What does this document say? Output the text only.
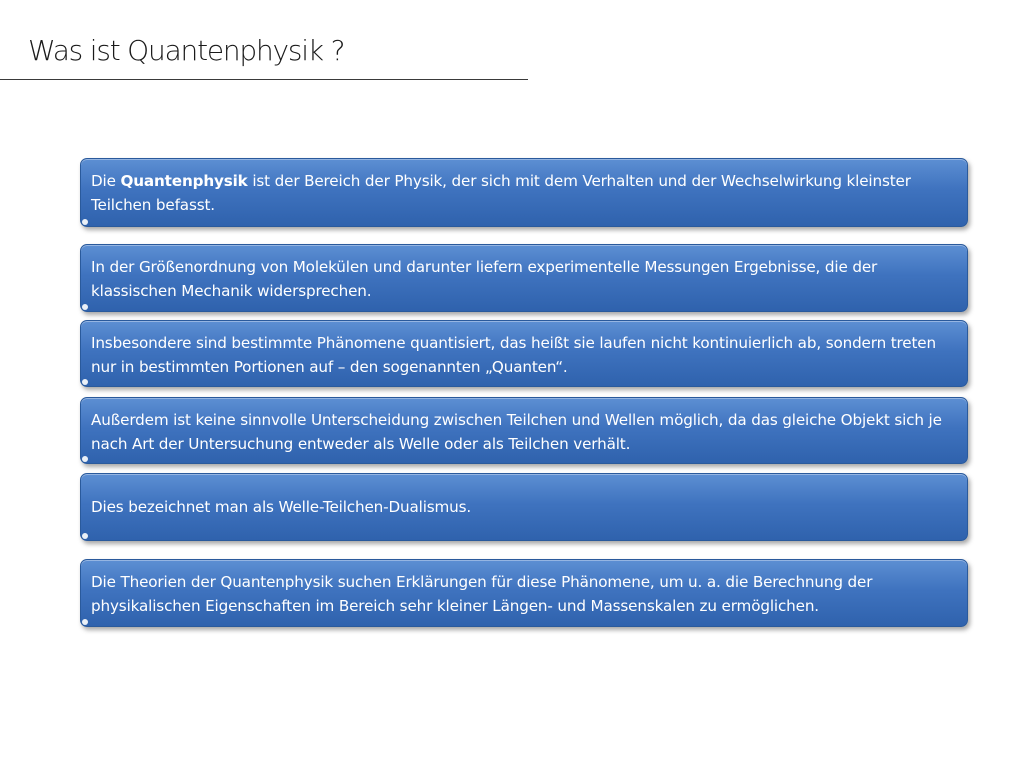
Was ist Quantenphysik ?
Die Quantenphysik ist der Bereich der Physik, der sich mit dem Verhalten und der Wechselwirkung kleinster Teilchen befasst.
In der Größenordnung von Molekülen und darunter liefern experimentelle Messungen Ergebnisse, die der klassischen Mechanik widersprechen.
Insbesondere sind bestimmte Phänomene quantisiert, das heißt sie laufen nicht kontinuierlich ab, sondern treten nur in bestimmten Portionen auf – den sogenannten „Quanten“.
Außerdem ist keine sinnvolle Unterscheidung zwischen Teilchen und Wellen möglich, da das gleiche Objekt sich je nach Art der Untersuchung entweder als Welle oder als Teilchen verhält.
Dies bezeichnet man als Welle-Teilchen-Dualismus.
Die Theorien der Quantenphysik suchen Erklärungen für diese Phänomene, um u. a. die Berechnung der physikalischen Eigenschaften im Bereich sehr kleiner Längen- und Massenskalen zu ermöglichen.
